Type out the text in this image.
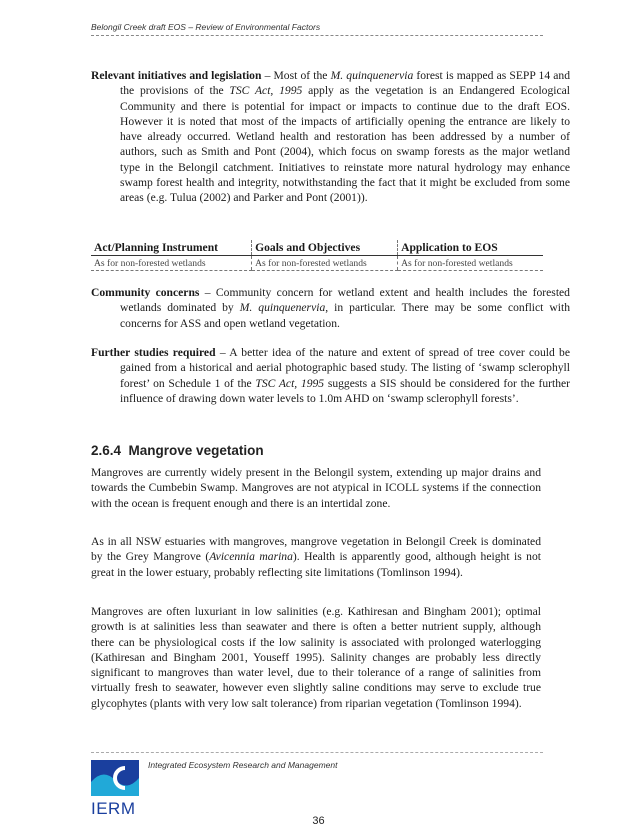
Belongil Creek draft EOS – Review of Environmental Factors
Relevant initiatives and legislation – Most of the M. quinquenervia forest is mapped as SEPP 14 and the provisions of the TSC Act, 1995 apply as the vegetation is an Endangered Ecological Community and there is potential for impact or impacts to continue due to the draft EOS. However it is noted that most of the impacts of artificially opening the entrance are likely to have already occurred. Wetland health and restoration has been addressed by a number of authors, such as Smith and Pont (2004), which focus on swamp forests as the major wetland type in the Belongil catchment. Initiatives to reinstate more natural hydrology may enhance swamp forest health and integrity, notwithstanding the fact that it might be excluded from some areas (e.g. Tulua (2002) and Parker and Pont (2001)).
Act/Planning Instrument	Goals and Objectives	Application to EOS
As for non-forested wetlands	As for non-forested wetlands	As for non-forested wetlands
Community concerns – Community concern for wetland extent and health includes the forested wetlands dominated by M. quinquenervia, in particular. There may be some conflict with concerns for ASS and open wetland vegetation.
Further studies required – A better idea of the nature and extent of spread of tree cover could be gained from a historical and aerial photographic based study. The listing of ‘swamp sclerophyll forest’ on Schedule 1 of the TSC Act, 1995 suggests a SIS should be considered for the further influence of drawing down water levels to 1.0m AHD on ‘swamp sclerophyll forests’.
2.6.4 Mangrove vegetation
Mangroves are currently widely present in the Belongil system, extending up major drains and towards the Cumbebin Swamp. Mangroves are not atypical in ICOLL systems if the connection with the ocean is frequent enough and there is an intertidal zone.
As in all NSW estuaries with mangroves, mangrove vegetation in Belongil Creek is dominated by the Grey Mangrove (Avicennia marina). Health is apparently good, although height is not great in the lower estuary, probably reflecting site limitations (Tomlinson 1994).
Mangroves are often luxuriant in low salinities (e.g. Kathiresan and Bingham 2001); optimal growth is at salinities less than seawater and there is often a better nutrient supply, although there can be physiological costs if the low salinity is associated with prolonged waterlogging (Kathiresan and Bingham 2001, Youseff 1995). Salinity changes are probably less directly significant to mangroves than water level, due to their tolerance of a range of salinities from virtually fresh to seawater, however even slightly saline conditions may serve to exclude true glycophytes (plants with very low salt tolerance) from riparian vegetation (Tomlinson 1994).
IERM
Integrated Ecosystem Research and Management
36
